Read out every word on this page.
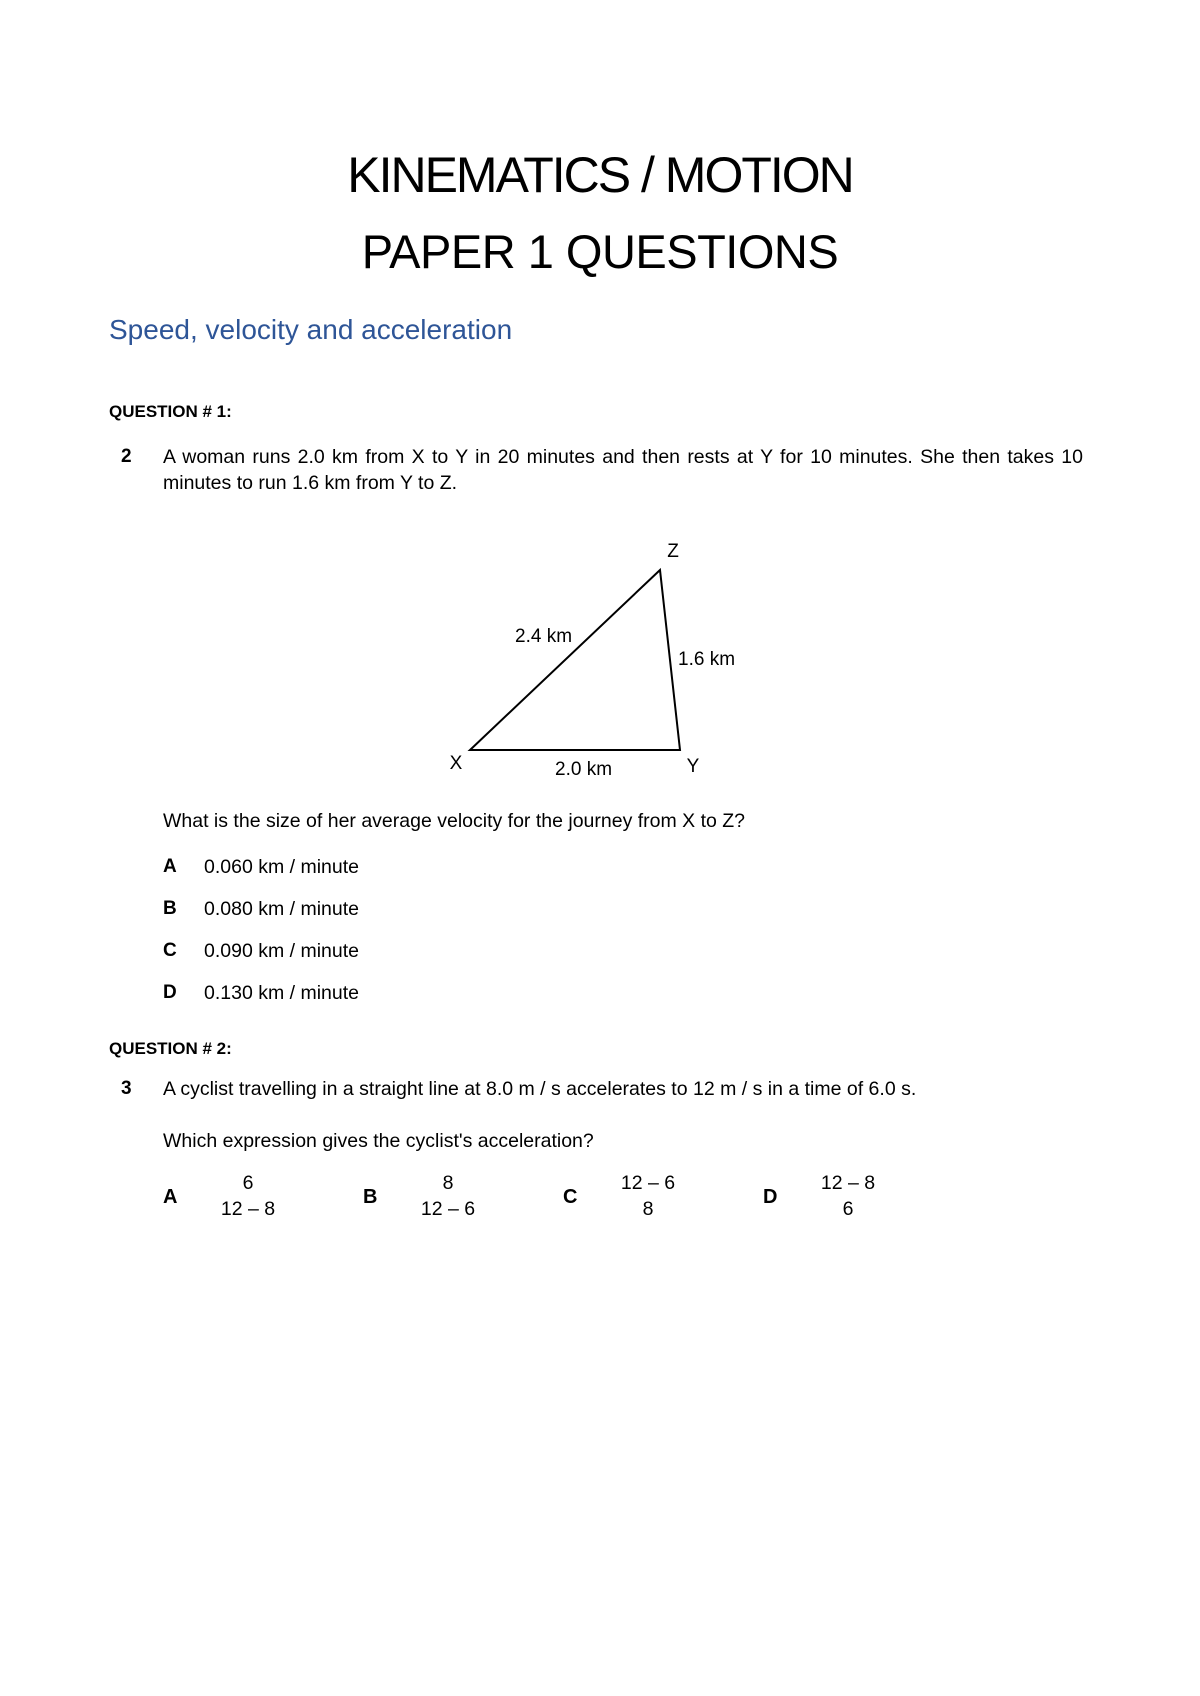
KINEMATICS / MOTION
PAPER 1 QUESTIONS
Speed, velocity and acceleration
QUESTION # 1:
2 A woman runs 2.0 km from X to Y in 20 minutes and then rests at Y for 10 minutes. She then takes 10 minutes to run 1.6 km from Y to Z.
Z
X	Y
2.4 km
1.6 km
2.0 km
What is the size of her average velocity for the journey from X to Z?
A 0.060 km / minute
B 0.080 km / minute
C 0.090 km / minute
D 0.130 km / minute
QUESTION # 2:
3 A cyclist travelling in a straight line at 8.0 m / s accelerates to 12 m / s in a time of 6.0 s.
Which expression gives the cyclist's acceleration?
A
6
12 – 8
B
8
12 – 6
C
12 – 6
8
D
12 – 8
6
